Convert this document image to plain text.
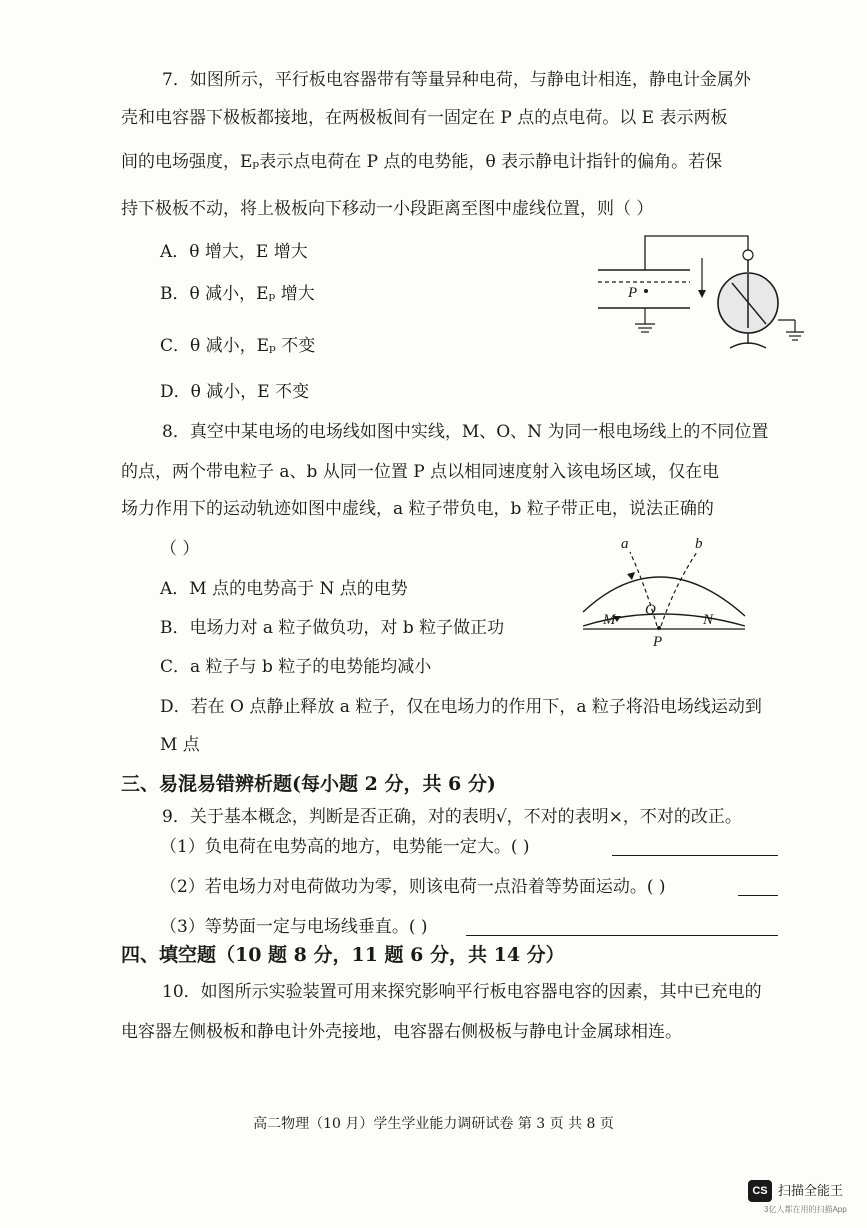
7．如图所示，平行板电容器带有等量异种电荷，与静电计相连，静电计金属外
壳和电容器下极板都接地，在两极板间有一固定在 P 点的点电荷。以 E 表示两板
间的电场强度，Eₚ表示点电荷在 P 点的电势能，θ 表示静电计指针的偏角。若保
持下极板不动，将上极板向下移动一小段距离至图中虚线位置，则（ ）
A．θ 增大，E 增大
B．θ 减小，Eₚ 增大
C．θ 减小，Eₚ 不变
D．θ 减小，E 不变
P
8．真空中某电场的电场线如图中实线，M、O、N 为同一根电场线上的不同位置
的点，两个带电粒子 a、b 从同一位置 P 点以相同速度射入该电场区域，仅在电
场力作用下的运动轨迹如图中虚线，a 粒子带负电，b 粒子带正电，说法正确的
（ ）
A．M 点的电势高于 N 点的电势
B．电场力对 a 粒子做负功，对 b 粒子做正功
C．a 粒子与 b 粒子的电势能均减小
D．若在 O 点静止释放 a 粒子，仅在电场力的作用下，a 粒子将沿电场线运动到
M 点
a	b
O
M	N
P
三、易混易错辨析题(每小题 2 分，共 6 分)
9．关于基本概念，判断是否正确，对的表明√，不对的表明×，不对的改正。
（1）负电荷在电势高的地方，电势能一定大。( )
（2）若电场力对电荷做功为零，则该电荷一点沿着等势面运动。( )
（3）等势面一定与电场线垂直。( )
四、填空题（10 题 8 分，11 题 6 分，共 14 分）
10．如图所示实验装置可用来探究影响平行板电容器电容的因素，其中已充电的
电容器左侧极板和静电计外壳接地，电容器右侧极板与静电计金属球相连。
高二物理（10 月）学生学业能力调研试卷 第 3 页 共 8 页
CS 扫描全能王
3亿人都在用的扫描App
